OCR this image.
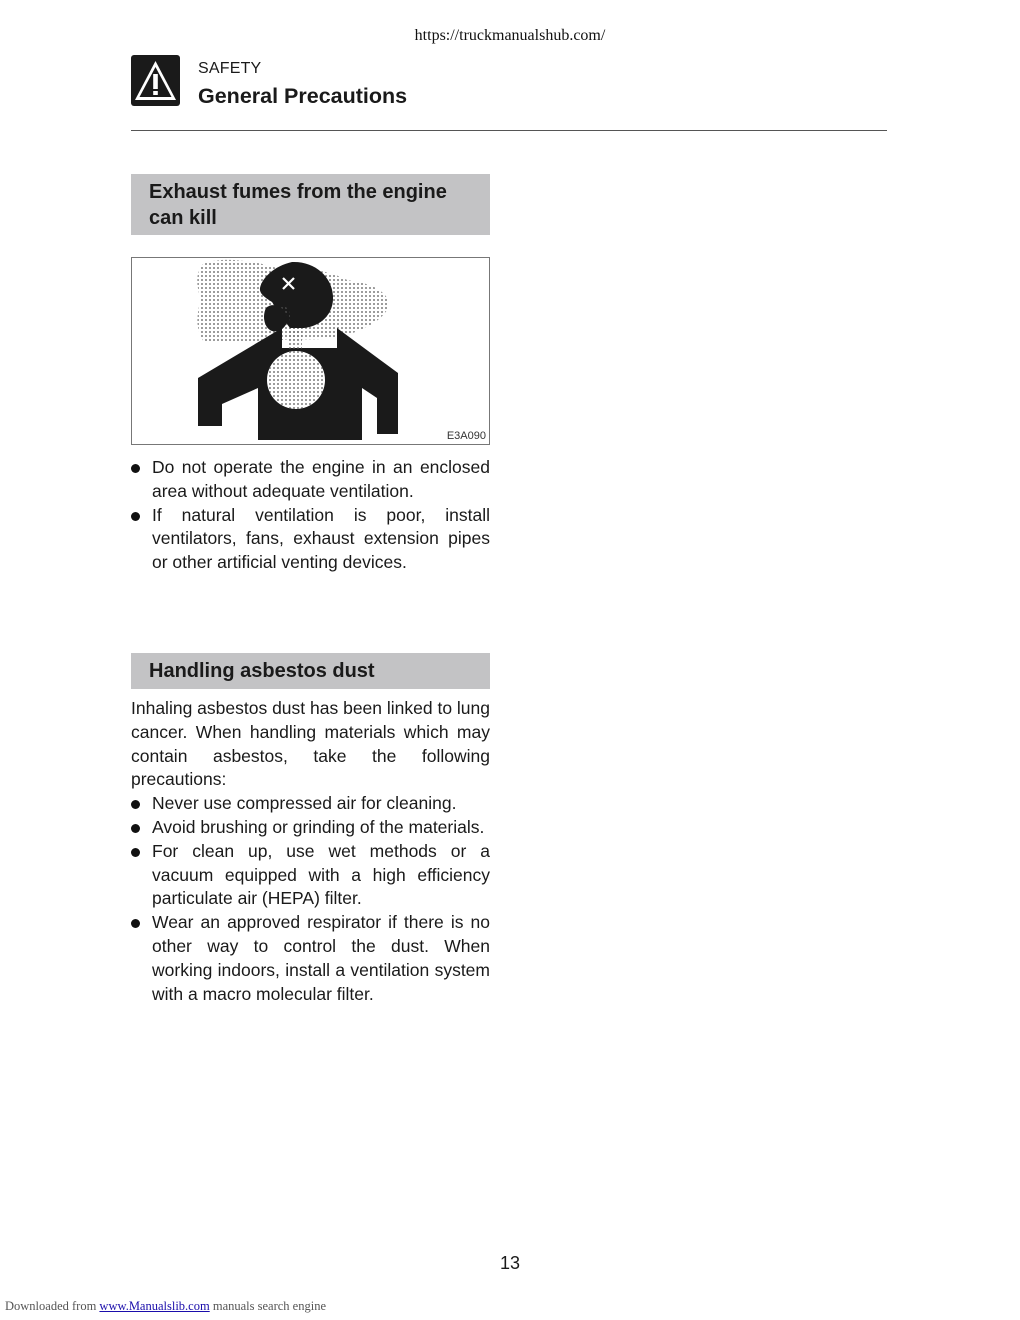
https://truckmanualshub.com/
SAFETY
General Precautions
Exhaust fumes from the engine can kill
E3A090
Do not operate the engine in an enclosed area without adequate ventilation.
If natural ventilation is poor, install ventilators, fans, exhaust extension pipes or other artificial venting devices.
Handling asbestos dust
Inhaling asbestos dust has been linked to lung cancer. When handling materials which may contain asbestos, take the following precautions:
Never use compressed air for cleaning.
Avoid brushing or grinding of the materials.
For clean up, use wet methods or a vacuum equipped with a high efficiency particulate air (HEPA) filter.
Wear an approved respirator if there is no other way to control the dust. When working indoors, install a ventilation system with a macro molecular filter.
13
Downloaded from www.Manualslib.com manuals search engine
